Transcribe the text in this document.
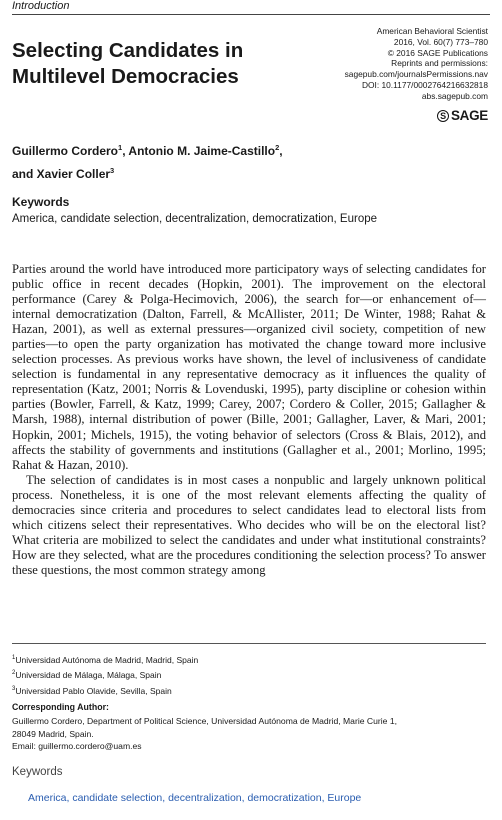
Introduction
Selecting Candidates in
Multilevel Democracies
American Behavioral Scientist
2016, Vol. 60(7) 773–780
© 2016 SAGE Publications
Reprints and permissions:
sagepub.com/journalsPermissions.nav
DOI: 10.1177/0002764216632818
abs.sagepub.com
S SAGE
Guillermo Cordero$^1$, Antonio M. Jaime-Castillo$^2$,
and Xavier Coller$^3$
Keywords
America, candidate selection, decentralization, democratization, Europe

Parties around the world have introduced more participatory ways of selecting candidates for public office in recent decades (Hopkin, 2001). The improvement on the electoral performance (Carey & Polga-Hecimovich, 2006), the search for—or enhancement of—internal democratization (Dalton, Farrell, & McAllister, 2011; De Winter, 1988; Rahat & Hazan, 2001), as well as external pressures—organized civil society, competition of new parties—to open the party organization has motivated the change toward more inclusive selection processes. As previous works have shown, the level of inclusiveness of candidate selection is fundamental in any representative democracy as it influences the quality of representation (Katz, 2001; Norris & Lovenduski, 1995), party discipline or cohesion within parties (Bowler, Farrell, & Katz, 1999; Carey, 2007; Cordero & Coller, 2015; Gallagher & Marsh, 1988), internal distribution of power (Bille, 2001; Gallagher, Laver, & Mari, 2001; Hopkin, 2001; Michels, 1915), the voting behavior of selectors (Cross & Blais, 2012), and affects the stability of governments and institutions (Gallagher et al., 2001; Morlino, 1995; Rahat & Hazan, 2010).

The selection of candidates is in most cases a nonpublic and largely unknown political process. Nonetheless, it is one of the most relevant elements affecting the quality of democracies since criteria and procedures to select candidates lead to electoral lists from which citizens select their representatives. Who decides who will be on the electoral list? What criteria are mobilized to select the candidates and under what institutional constraints? How are they selected, what are the procedures conditioning the selection process? To answer these questions, the most common strategy among

$^1$Universidad Autónoma de Madrid, Madrid, Spain
$^2$Universidad de Málaga, Málaga, Spain
$^3$Universidad Pablo Olavide, Sevilla, Spain
Corresponding Author:
Guillermo Cordero, Department of Political Science, Universidad Autónoma de Madrid, Marie Curie 1,
28049 Madrid, Spain.
Email: guillermo.cordero@uam.es
Keywords
America, candidate selection, decentralization, democratization, Europe
